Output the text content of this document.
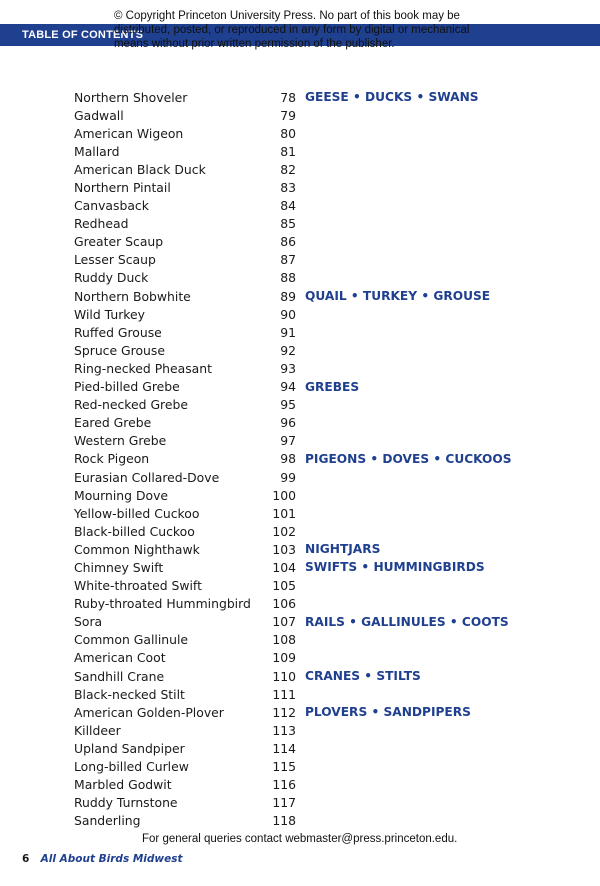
TABLE OF CONTENTS
© Copyright Princeton University Press. No part of this book may be distributed, posted, or reproduced in any form by digital or mechanical means without prior written permission of the publisher.
Northern Shoveler	78 GEESE • DUCKS • SWANS
Gadwall	79
American Wigeon	80
Mallard	81
American Black Duck	82
Northern Pintail	83
Canvasback	84
Redhead	85
Greater Scaup	86
Lesser Scaup	87
Ruddy Duck	88
Northern Bobwhite	89 QUAIL • TURKEY • GROUSE
Wild Turkey	90
Ruffed Grouse	91
Spruce Grouse	92
Ring-necked Pheasant	93
Pied-billed Grebe	94 GREBES
Red-necked Grebe	95
Eared Grebe	96
Western Grebe	97
Rock Pigeon	98 PIGEONS • DOVES • CUCKOOS
Eurasian Collared-Dove	99
Mourning Dove	100
Yellow-billed Cuckoo	101
Black-billed Cuckoo	102
Common Nighthawk	103 NIGHTJARS
Chimney Swift	104 SWIFTS • HUMMINGBIRDS
White-throated Swift	105
Ruby-throated Hummingbird	106
Sora	107 RAILS • GALLINULES • COOTS
Common Gallinule	108
American Coot	109
Sandhill Crane	110 CRANES • STILTS
Black-necked Stilt	111
American Golden-Plover	112 PLOVERS • SANDPIPERS
Killdeer	113
Upland Sandpiper	114
Long-billed Curlew	115
Marbled Godwit	116
Ruddy Turnstone	117
Sanderling	118
For general queries contact webmaster@press.princeton.edu.
6 All About Birds Midwest
